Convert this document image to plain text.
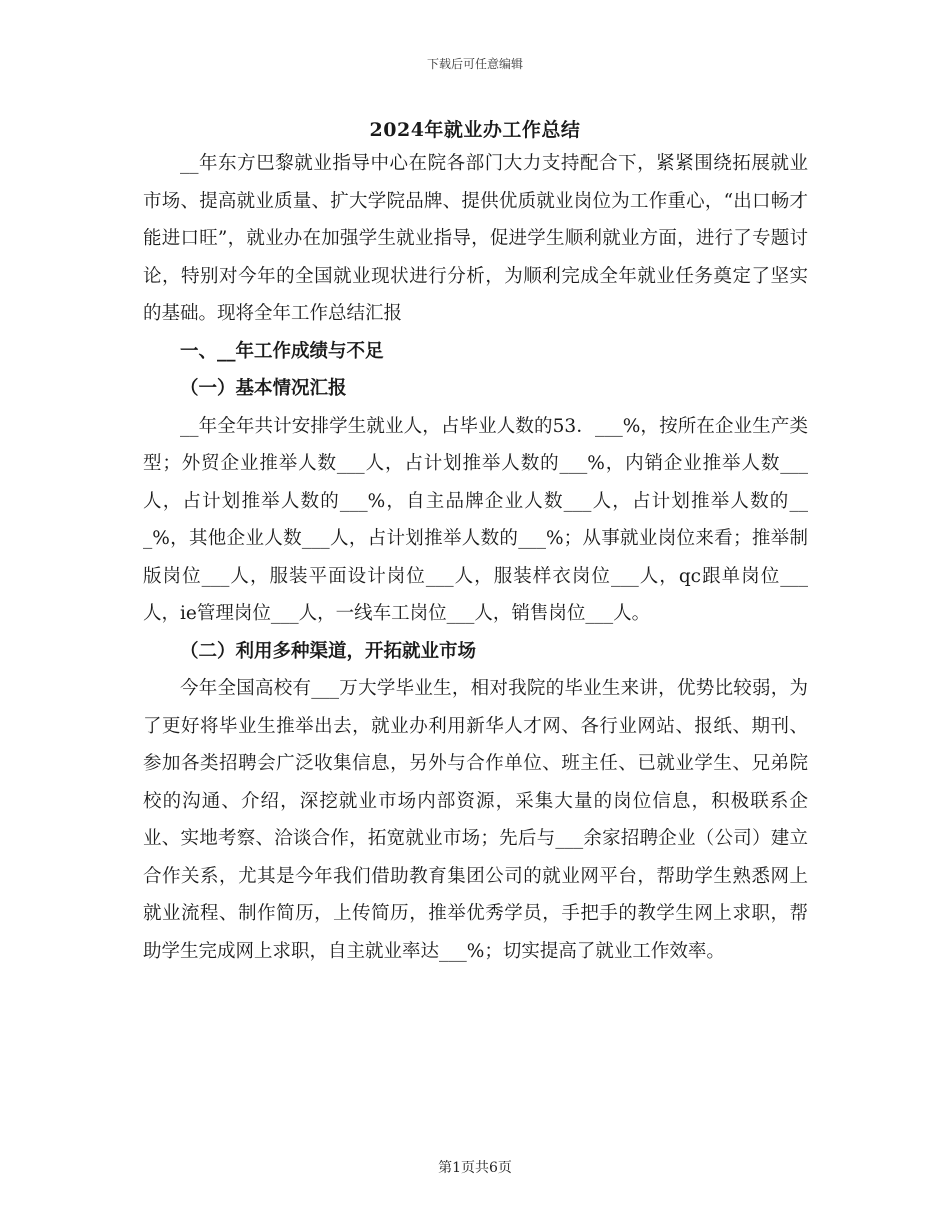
下载后可任意编辑
2024年就业办工作总结

__年东方巴黎就业指导中心在院各部门大力支持配合下，紧紧围绕拓展就业市场、提高就业质量、扩大学院品牌、提供优质就业岗位为工作重心，“出口畅才能进口旺”，就业办在加强学生就业指导，促进学生顺利就业方面，进行了专题讨论，特别对今年的全国就业现状进行分析，为顺利完成全年就业任务奠定了坚实的基础。现将全年工作总结汇报

一、__年工作成绩与不足
（一）基本情况汇报

__年全年共计安排学生就业人，占毕业人数的53．___%，按所在企业生产类型；外贸企业推举人数___人，占计划推举人数的___%，内销企业推举人数___人，占计划推举人数的___%，自主品牌企业人数___人，占计划推举人数的___%，其他企业人数___人，占计划推举人数的___%；从事就业岗位来看；推举制版岗位___人，服装平面设计岗位___人，服装样衣岗位___人，qc跟单岗位___人，ie管理岗位___人，一线车工岗位___人，销售岗位___人。

（二）利用多种渠道，开拓就业市场

今年全国高校有___万大学毕业生，相对我院的毕业生来讲，优势比较弱，为了更好将毕业生推举出去，就业办利用新华人才网、各行业网站、报纸、期刊、参加各类招聘会广泛收集信息，另外与合作单位、班主任、已就业学生、兄弟院校的沟通、介绍，深挖就业市场内部资源，采集大量的岗位信息，积极联系企业、实地考察、洽谈合作，拓宽就业市场；先后与___余家招聘企业（公司）建立合作关系，尤其是今年我们借助教育集团公司的就业网平台，帮助学生熟悉网上就业流程、制作简历，上传简历，推举优秀学员，手把手的教学生网上求职，帮助学生完成网上求职，自主就业率达___%；切实提高了就业工作效率。

第1页共6页
